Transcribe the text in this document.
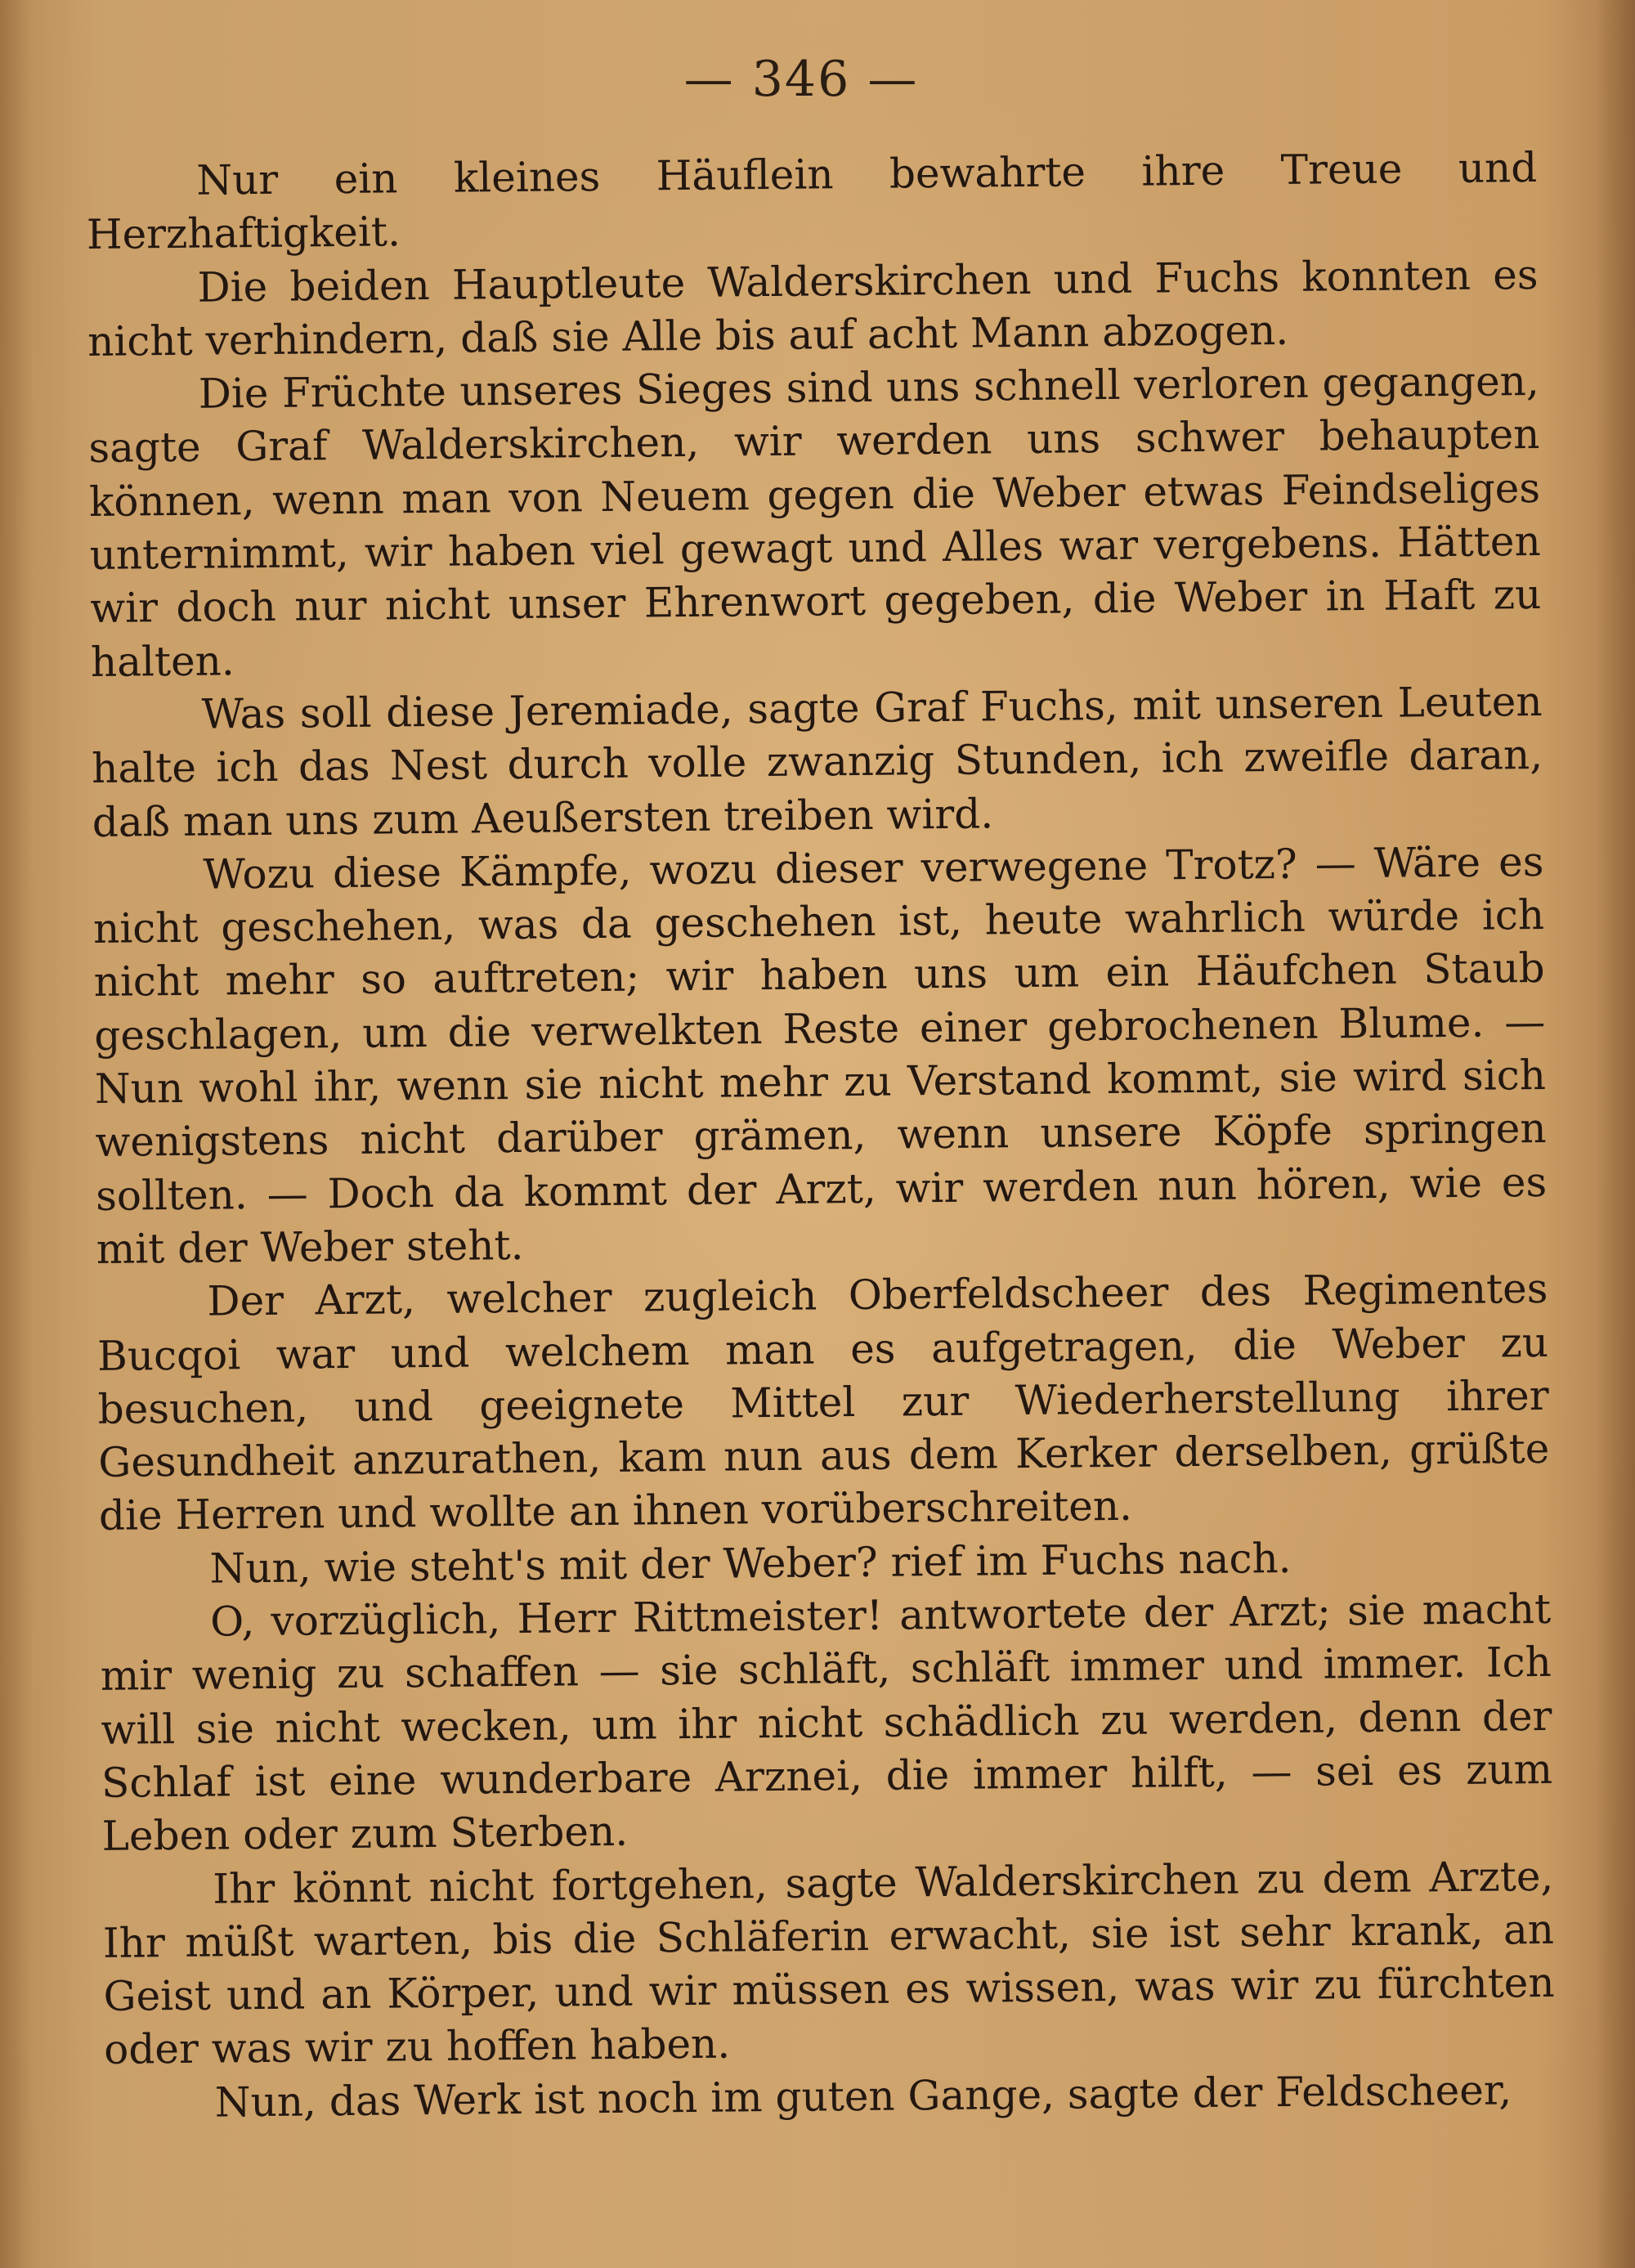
— 346 —

Nur ein kleines Häuflein bewahrte ihre Treue und Herzhaftigkeit.

Die beiden Hauptleute Walderskirchen und Fuchs konnten es nicht verhindern, daß sie Alle bis auf acht Mann abzogen.

Die Früchte unseres Sieges sind uns schnell verloren gegangen, sagte Graf Walderskirchen, wir werden uns schwer behaupten können, wenn man von Neuem gegen die Weber etwas Feindseliges unternimmt, wir haben viel gewagt und Alles war vergebens. Hätten wir doch nur nicht unser Ehrenwort gegeben, die Weber in Haft zu halten.

Was soll diese Jeremiade, sagte Graf Fuchs, mit unseren Leuten halte ich das Nest durch volle zwanzig Stunden, ich zweifle daran, daß man uns zum Aeußersten treiben wird.

Wozu diese Kämpfe, wozu dieser verwegene Trotz? — Wäre es nicht geschehen, was da geschehen ist, heute wahrlich würde ich nicht mehr so auftreten; wir haben uns um ein Häufchen Staub geschlagen, um die verwelkten Reste einer gebrochenen Blume. — Nun wohl ihr, wenn sie nicht mehr zu Verstand kommt, sie wird sich wenigstens nicht darüber grämen, wenn unsere Köpfe springen sollten. — Doch da kommt der Arzt, wir werden nun hören, wie es mit der Weber steht.

Der Arzt, welcher zugleich Oberfeldscheer des Regimentes Bucqoi war und welchem man es aufgetragen, die Weber zu besuchen, und geeignete Mittel zur Wiederherstellung ihrer Gesundheit anzurathen, kam nun aus dem Kerker derselben, grüßte die Herren und wollte an ihnen vorüberschreiten.

Nun, wie steht's mit der Weber? rief im Fuchs nach.

O, vorzüglich, Herr Rittmeister! antwortete der Arzt; sie macht mir wenig zu schaffen — sie schläft, schläft immer und immer. Ich will sie nicht wecken, um ihr nicht schädlich zu werden, denn der Schlaf ist eine wunderbare Arznei, die immer hilft, — sei es zum Leben oder zum Sterben.

Ihr könnt nicht fortgehen, sagte Walderskirchen zu dem Arzte, Ihr müßt warten, bis die Schläferin erwacht, sie ist sehr krank, an Geist und an Körper, und wir müssen es wissen, was wir zu fürchten oder was wir zu hoffen haben.

Nun, das Werk ist noch im guten Gange, sagte der Feldscheer,
